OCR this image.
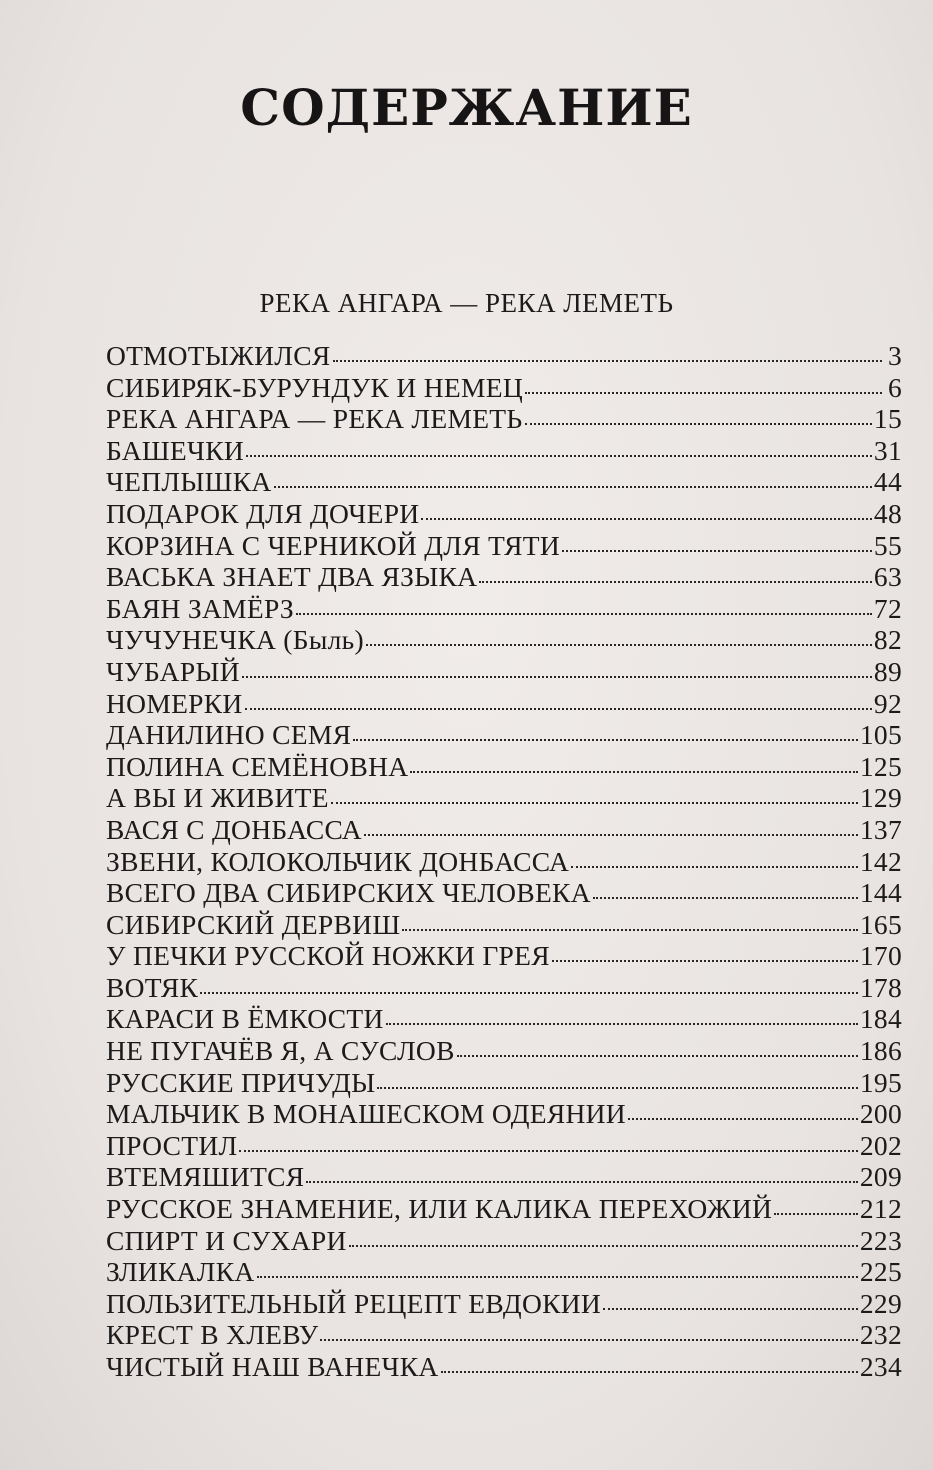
СОДЕРЖАНИЕ
РЕКА АНГАРА — РЕКА ЛЕМЕТЬ
ОТМОТЫЖИЛСЯ	3
СИБИРЯК-БУРУНДУК И НЕМЕЦ	6
РЕКА АНГАРА — РЕКА ЛЕМЕТЬ	15
БАШЕЧКИ	31
ЧЕПЛЫШКА	44
ПОДАРОК ДЛЯ ДОЧЕРИ	48
КОРЗИНА С ЧЕРНИКОЙ ДЛЯ ТЯТИ	55
ВАСЬКА ЗНАЕТ ДВА ЯЗЫКА	63
БАЯН ЗАМЁРЗ	72
ЧУЧУНЕЧКА (Быль)	82
ЧУБАРЫЙ	89
НОМЕРКИ	92
ДАНИЛИНО СЕМЯ	105
ПОЛИНА СЕМЁНОВНА	125
А ВЫ И ЖИВИТЕ	129
ВАСЯ С ДОНБАССА	137
ЗВЕНИ, КОЛОКОЛЬЧИК ДОНБАССА	142
ВСЕГО ДВА СИБИРСКИХ ЧЕЛОВЕКА	144
СИБИРСКИЙ ДЕРВИШ	165
У ПЕЧКИ РУССКОЙ НОЖКИ ГРЕЯ	170
ВОТЯК	178
КАРАСИ В ЁМКОСТИ	184
НЕ ПУГАЧЁВ Я, А СУСЛОВ	186
РУССКИЕ ПРИЧУДЫ	195
МАЛЬЧИК В МОНАШЕСКОМ ОДЕЯНИИ	200
ПРОСТИЛ	202
ВТЕМЯШИТСЯ	209
РУССКОЕ ЗНАМЕНИЕ, ИЛИ КАЛИКА ПЕРЕХОЖИЙ	212
СПИРТ И СУХАРИ	223
ЗЛИКАЛКА	225
ПОЛЬЗИТЕЛЬНЫЙ РЕЦЕПТ ЕВДОКИИ	229
КРЕСТ В ХЛЕВУ	232
ЧИСТЫЙ НАШ ВАНЕЧКА	234
